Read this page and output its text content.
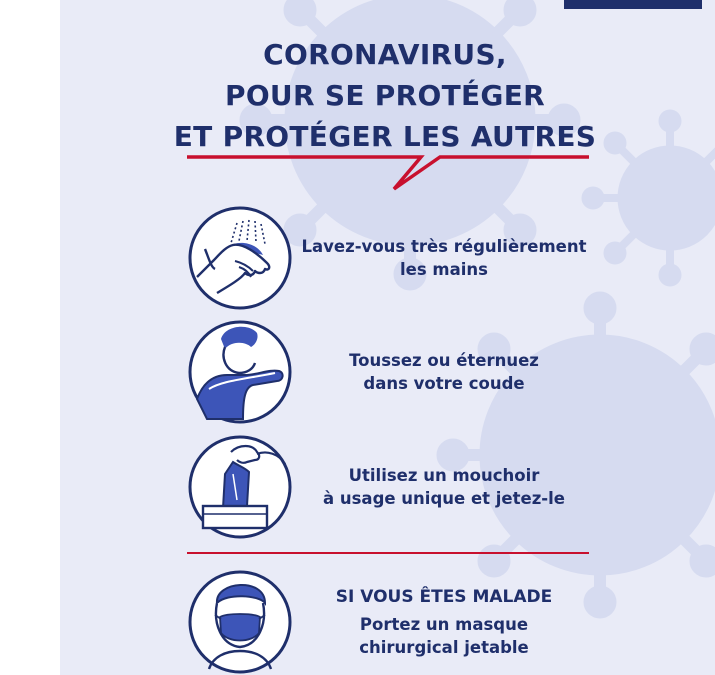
CORONAVIRUS,
POUR SE PROTÉGER
ET PROTÉGER LES AUTRES
Lavez-vous très régulièrement
les mains
Toussez ou éternuez
dans votre coude
Utilisez un mouchoir
à usage unique et jetez-le
SI VOUS ÊTES MALADE
Portez un masque
chirurgical jetable
